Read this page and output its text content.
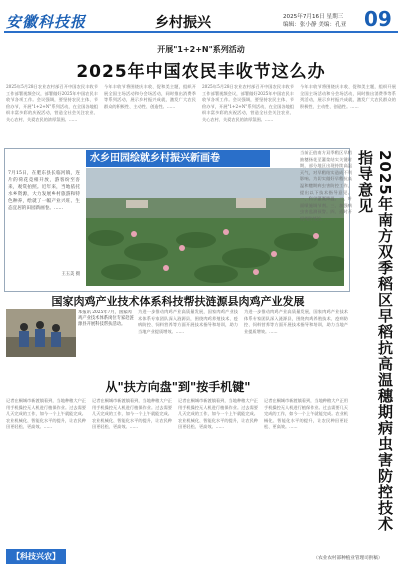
安徽科技报	乡村振兴	2025年7月16日 星期三
编辑：张小静 美编：孔亚 09
开展"1+2+N"系列活动
2025年中国农民丰收节这么办
2025年5月28日农业农村部召开中国农民丰收节工作部署视频会议，部署做好2025年中国农民丰收节各项工作。会议强调，要坚持农民主体、节俭办节，开展"1+2+N"系列活动，在全国各地组织丰富多彩的庆祝活动，营造全社会关注农业、关心农村、关爱农民的浓厚氛围。……
今年丰收节将围绕庆丰收、促和美主题，组织开展全国主场活动和分会场活动，同时推出消费季等系列活动，展示乡村振兴成就，激发广大农民群众的积极性、主动性、创造性。……
2025年5月28日农业农村部召开中国农民丰收节工作部署视频会议，部署做好2025年中国农民丰收节各项工作。会议强调，要坚持农民主体、节俭办节，开展"1+2+N"系列活动，在全国各地组织丰富多彩的庆祝活动，营造全社会关注农业、关心农村、关爱农民的浓厚氛围。……
今年丰收节将围绕庆丰收、促和美主题，组织开展全国主场活动和分会场活动，同时推出消费季等系列活动，展示乡村振兴成就，激发广大农民群众的积极性、主动性、创造性。……
水乡田园绘就乡村振兴新画卷
7月15日，在肥东县长临河镇，连片的荷花竞相开放，游客纷至沓来，观赏拍照。近年来，当地依托水乡资源，大力发展乡村旅游和特色种养，绘就了一幅产业兴旺、生态宜居的田园新画卷。……
王玉美 摄
国家肉鸡产业技术体系科技帮扶涟源县肉鸡产业发展
本报讯 2025年7月，国家肉鸡产业技术体系岗位专家赴涟源县开展科技帮扶活动。
为进一步推动肉鸡产业高质量发展，国家肉鸡产业技术体系专家团队深入涟源县，围绕肉鸡养殖技术、疫病防控、饲料营养等方面开展技术指导和培训，助力当地产业提质增效。……
为进一步推动肉鸡产业高质量发展，国家肉鸡产业技术体系专家团队深入涟源县，围绕肉鸡养殖技术、疫病防控、饲料营养等方面开展技术指导和培训，助力当地产业提质增效。……
从"扶方向盘"到"按手机键"
记者在桐城市新渡镇看到，当地种粮大户正用手机操控无人机进行植保作业。过去需要几天完成的工作，如今一个上午就能完成。农业机械化、智能化水平的提升，让农民种田更轻松、更高效。……
记者在桐城市新渡镇看到，当地种粮大户正用手机操控无人机进行植保作业。过去需要几天完成的工作，如今一个上午就能完成。农业机械化、智能化水平的提升，让农民种田更轻松、更高效。……
记者在桐城市新渡镇看到，当地种粮大户正用手机操控无人机进行植保作业。过去需要几天完成的工作，如今一个上午就能完成。农业机械化、智能化水平的提升，让农民种田更轻松、更高效。……
记者在桐城市新渡镇看到，当地种粮大户正用手机操控无人机进行植保作业。过去需要几天完成的工作，如今一个上午就能完成。农业机械化、智能化水平的提升，让农民种田更轻松、更高效。……
【科技兴农】
2025年南方双季稻区早稻抗高温穗期病虫害防控技术指导意见
当前正值南方双季稻区早稻抽穗扬花至灌浆结实关键时期，部分地区出现持续高温天气，对早稻结实造成不利影响。为切实做好早稻抗高温和穗期病虫害防控工作，提出以下技术指导意见。一、科学灌溉降温。二、叶面喷施调节剂。三、加强病虫害监测预警。四、适时开展统防统治。……
（农业农村部种植业管理司供稿）
